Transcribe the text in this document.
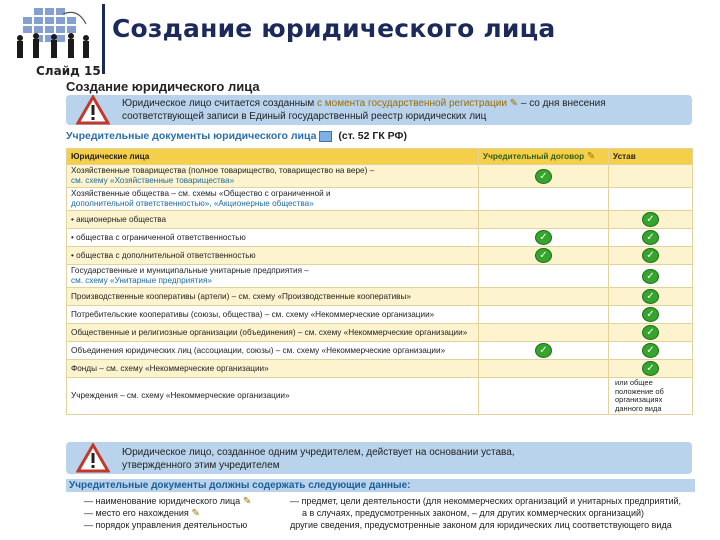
Создание юридического лица
Слайд 15
Создание юридического лица
Юридическое лицо считается созданным с момента государственной регистрации ✎ – со дня внесения
соответствующей записи в Единый государственный реестр юридических лиц
Учредительные документы юридического лица (ст. 52 ГК РФ)
Юридические лица	Учредительный договор ✎	Устав
Хозяйственные товарищества (полное товарищество, товарищество на вере) –
см. схему «Хозяйственные товарищества»	✓	
Хозяйственные общества – см. схемы «Общество с ограниченной и
дополнительной ответственностью», «Акционерные общества»		
• акционерные общества		✓
• общества с ограниченной ответственностью	✓	✓
• общества с дополнительной ответственностью	✓	✓
Государственные и муниципальные унитарные предприятия –
см. схему «Унитарные предприятия»		✓
Производственные кооперативы (артели) – см. схему «Производственные кооперативы»		✓
Потребительские кооперативы (союзы, общества) – см. схему «Некоммерческие организации»		✓
Общественные и религиозные организации (объединения) – см. схему «Некоммерческие организации»		✓
Объединения юридических лиц (ассоциации, союзы) – см. схему «Некоммерческие организации»	✓	✓
Фонды – см. схему «Некоммерческие организации»		✓
Учреждения – см. схему «Некоммерческие организации»		или общее положение об организациях данного вида
Юридическое лицо, созданное одним учредителем, действует на основании устава,
утвержденного этим учредителем
Учредительные документы должны содержать следующие данные:
— наименование юридического лица ✎
— место его нахождения ✎
— порядок управления деятельностью
— предмет, цели деятельности (для некоммерческих организаций и унитарных предприятий,
а в случаях, предусмотренных законом, – для других коммерческих организаций)
другие сведения, предусмотренные законом для юридических лиц соответствующего вида
